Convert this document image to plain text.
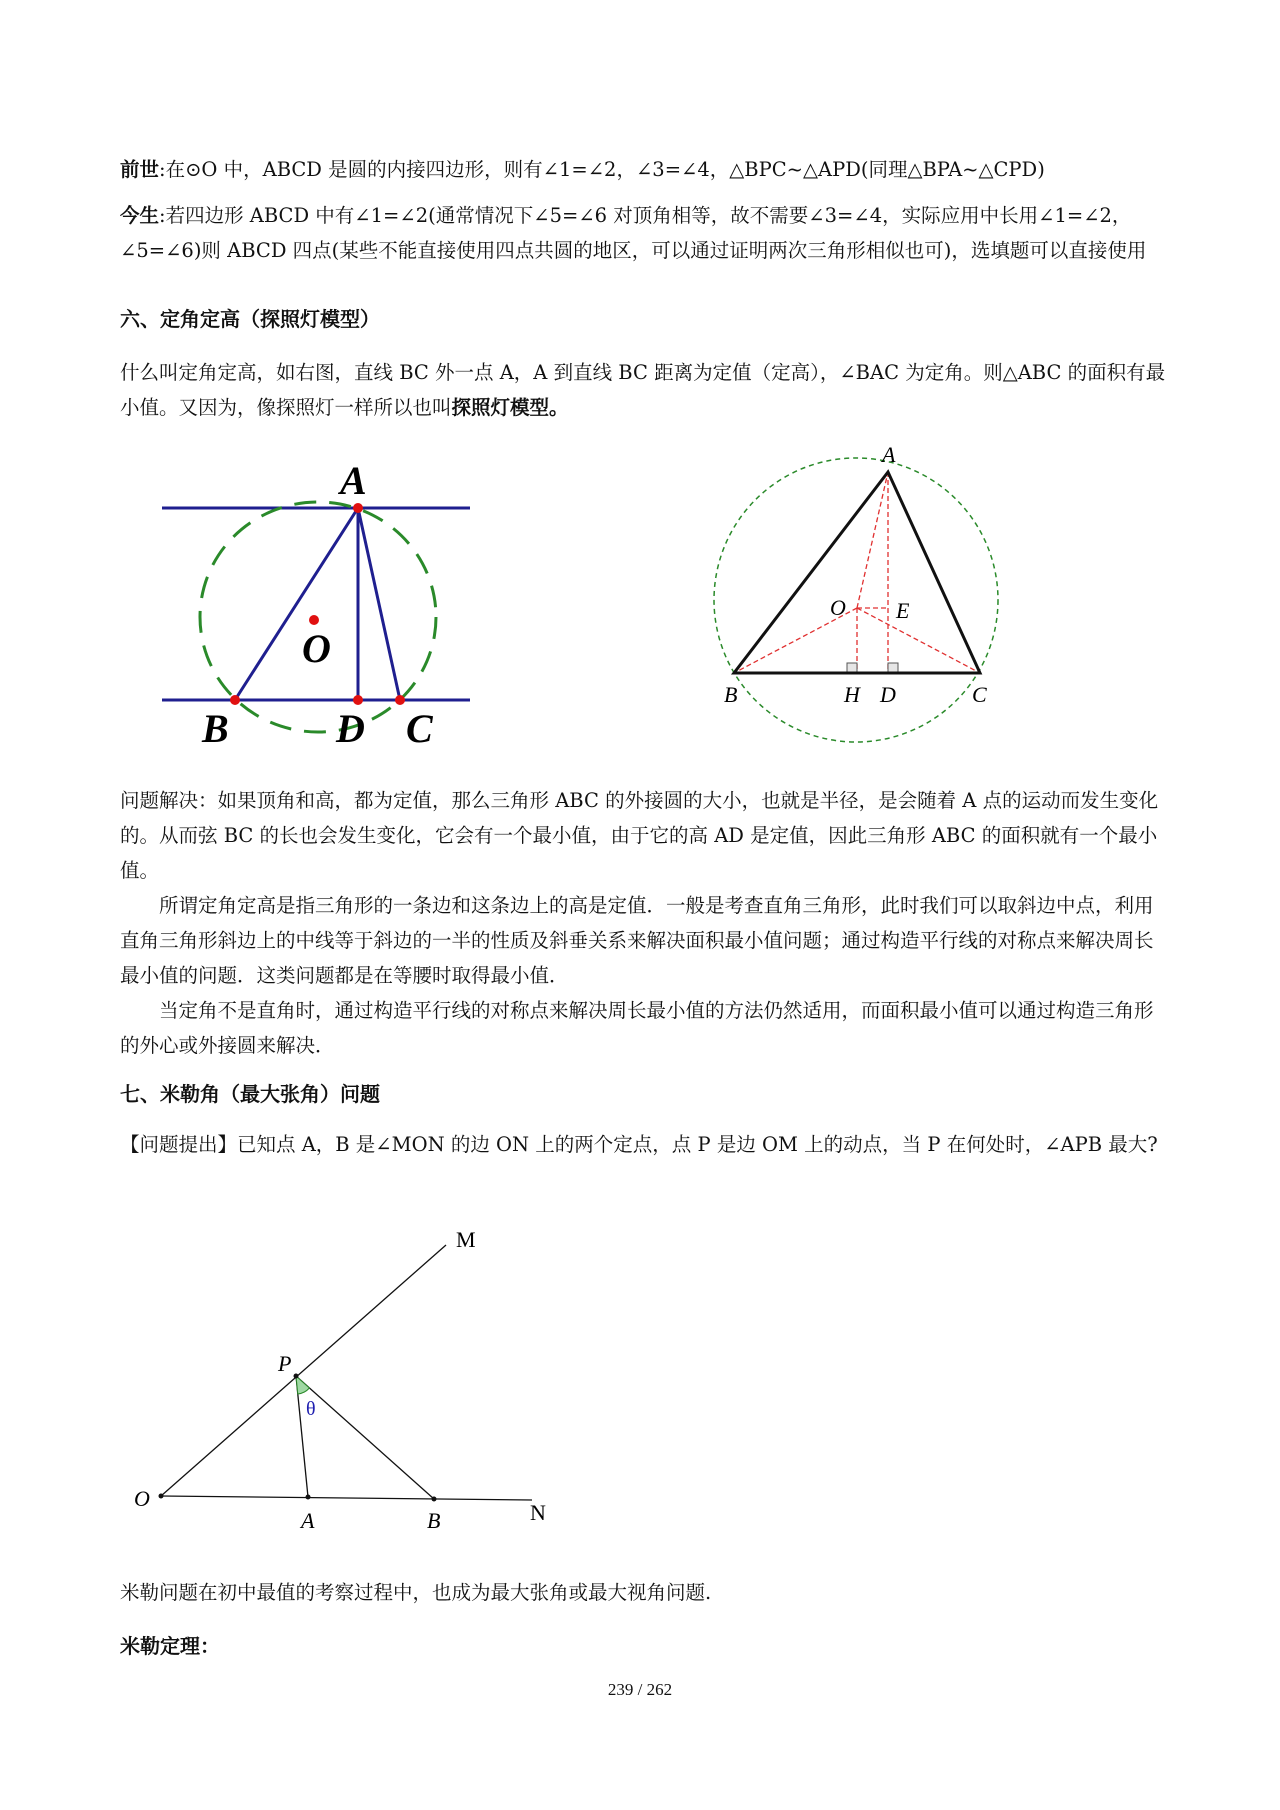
前世:在⊙O 中，ABCD 是圆的内接四边形，则有∠1=∠2，∠3=∠4，△BPC~△APD(同理△BPA~△CPD)

今生:若四边形 ABCD 中有∠1=∠2(通常情况下∠5=∠6 对顶角相等，故不需要∠3=∠4，实际应用中长用∠1=∠2，∠5=∠6)则 ABCD 四点(某些不能直接使用四点共圆的地区，可以通过证明两次三角形相似也可)，选填题可以直接使用

六、定角定高（探照灯模型）

什么叫定角定高，如右图，直线 BC 外一点 A，A 到直线 BC 距离为定值（定高），∠BAC 为定角。则△ABC 的面积有最小值。又因为，像探照灯一样所以也叫探照灯模型。

A
O
B	D C
A
O E
B	H D	C

问题解决：如果顶角和高，都为定值，那么三角形 ABC 的外接圆的大小，也就是半径，是会随着 A 点的运动而发生变化的。从而弦 BC 的长也会发生变化，它会有一个最小值，由于它的高 AD 是定值，因此三角形 ABC 的面积就有一个最小值。

所谓定角定高是指三角形的一条边和这条边上的高是定值．一般是考查直角三角形，此时我们可以取斜边中点，利用直角三角形斜边上的中线等于斜边的一半的性质及斜垂关系来解决面积最小值问题；通过构造平行线的对称点来解决周长最小值的问题．这类问题都是在等腰时取得最小值．

当定角不是直角时，通过构造平行线的对称点来解决周长最小值的方法仍然适用，而面积最小值可以通过构造三角形的外心或外接圆来解决．

七、米勒角（最大张角）问题

【问题提出】已知点 A，B 是∠MON 的边 ON 上的两个定点，点 P 是边 OM 上的动点，当 P 在何处时，∠APB 最大?

M
P
θ
O
A	B	N

米勒问题在初中最值的考察过程中，也成为最大张角或最大视角问题.

米勒定理：

239 / 262
